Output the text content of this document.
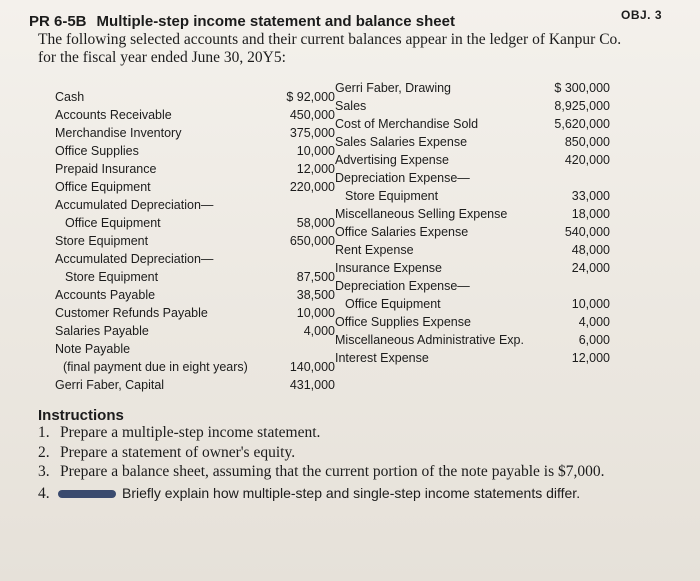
OBJ. 3
PR 6-5B Multiple-step income statement and balance sheet
The following selected accounts and their current balances appear in the ledger of Kanpur Co. for the fiscal year ended June 30, 20Y5:
Cash	$ 92,000
Accounts Receivable	450,000
Merchandise Inventory	375,000
Office Supplies	10,000
Prepaid Insurance	12,000
Office Equipment	220,000
Accumulated Depreciation—
Office Equipment	58,000
Store Equipment	650,000
Accumulated Depreciation—
Store Equipment	87,500
Accounts Payable	38,500
Customer Refunds Payable	10,000
Salaries Payable	4,000
Note Payable
(final payment due in eight years)	140,000
Gerri Faber, Capital	431,000
Gerri Faber, Drawing	$ 300,000
Sales	8,925,000
Cost of Merchandise Sold	5,620,000
Sales Salaries Expense	850,000
Advertising Expense	420,000
Depreciation Expense—
Store Equipment	33,000
Miscellaneous Selling Expense	18,000
Office Salaries Expense	540,000
Rent Expense	48,000
Insurance Expense	24,000
Depreciation Expense—
Office Equipment	10,000
Office Supplies Expense	4,000
Miscellaneous Administrative Exp.	6,000
Interest Expense	12,000
Instructions
1. Prepare a multiple-step income statement.
2. Prepare a statement of owner's equity.
3. Prepare a balance sheet, assuming that the current portion of the note payable is $7,000.
4.	Briefly explain how multiple-step and single-step income statements differ.
